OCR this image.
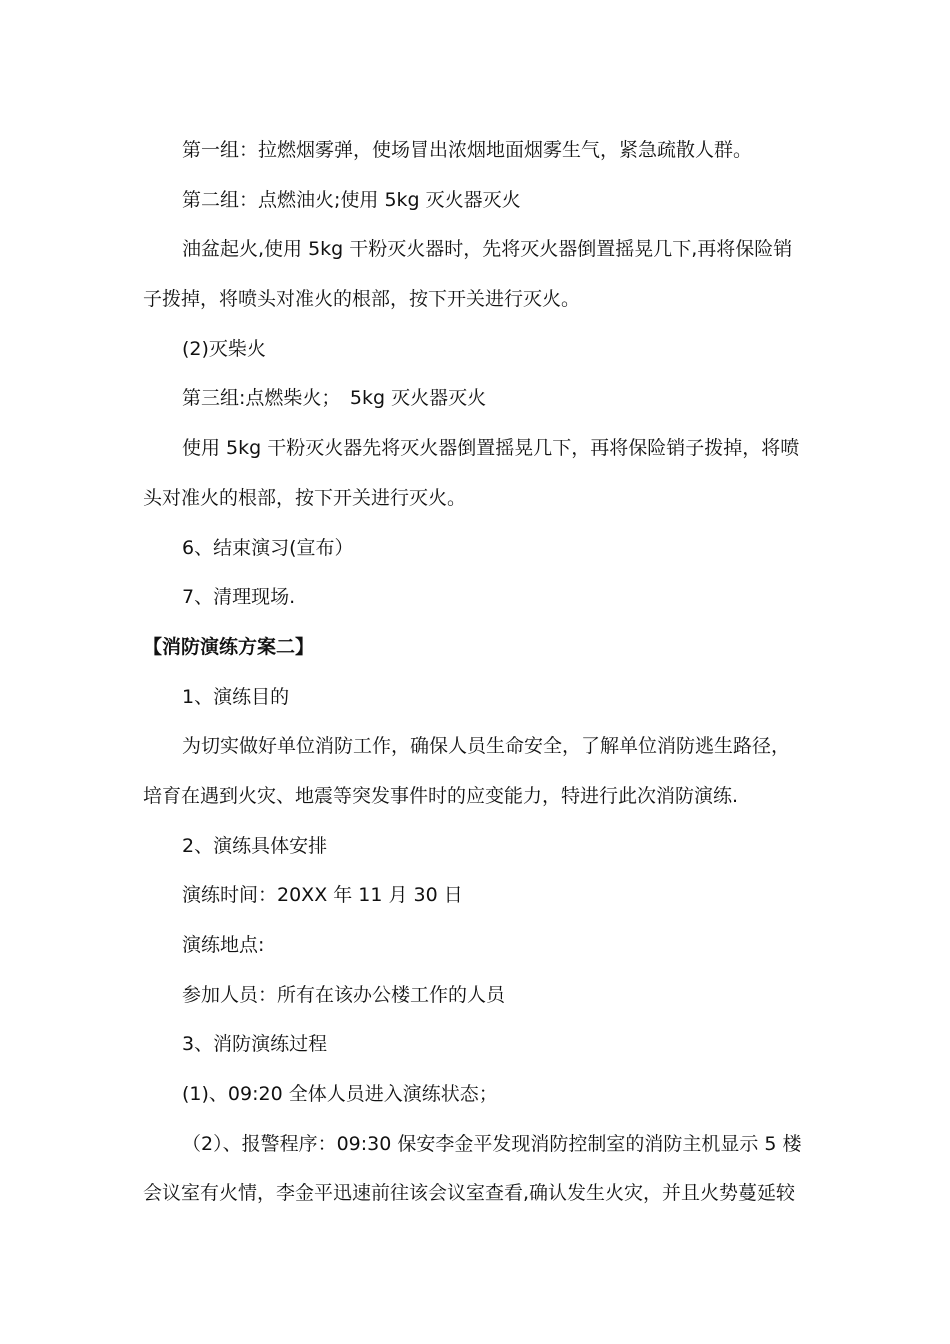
第一组：拉燃烟雾弹，使场冒出浓烟地面烟雾生气，紧急疏散人群。
第二组：点燃油火;使用 5kg 灭火器灭火
油盆起火,使用 5kg 干粉灭火器时，先将灭火器倒置摇晃几下,再将保险销
子拨掉，将喷头对准火的根部，按下开关进行灭火。
(2)灭柴火
第三组:点燃柴火；　5kg 灭火器灭火
使用 5kg 干粉灭火器先将灭火器倒置摇晃几下，再将保险销子拨掉，将喷
头对准火的根部，按下开关进行灭火。
6、结束演习(宣布）
7、清理现场.
【消防演练方案二】
1、演练目的
为切实做好单位消防工作，确保人员生命安全，了解单位消防逃生路径，
培育在遇到火灾、地震等突发事件时的应变能力，特进行此次消防演练.
2、演练具体安排
演练时间：20XX 年 11 月 30 日
演练地点:
参加人员：所有在该办公楼工作的人员
3、消防演练过程
(1)、09:20 全体人员进入演练状态；
（2）、报警程序：09:30 保安李金平发现消防控制室的消防主机显示 5 楼
会议室有火情，李金平迅速前往该会议室查看,确认发生火灾，并且火势蔓延较
